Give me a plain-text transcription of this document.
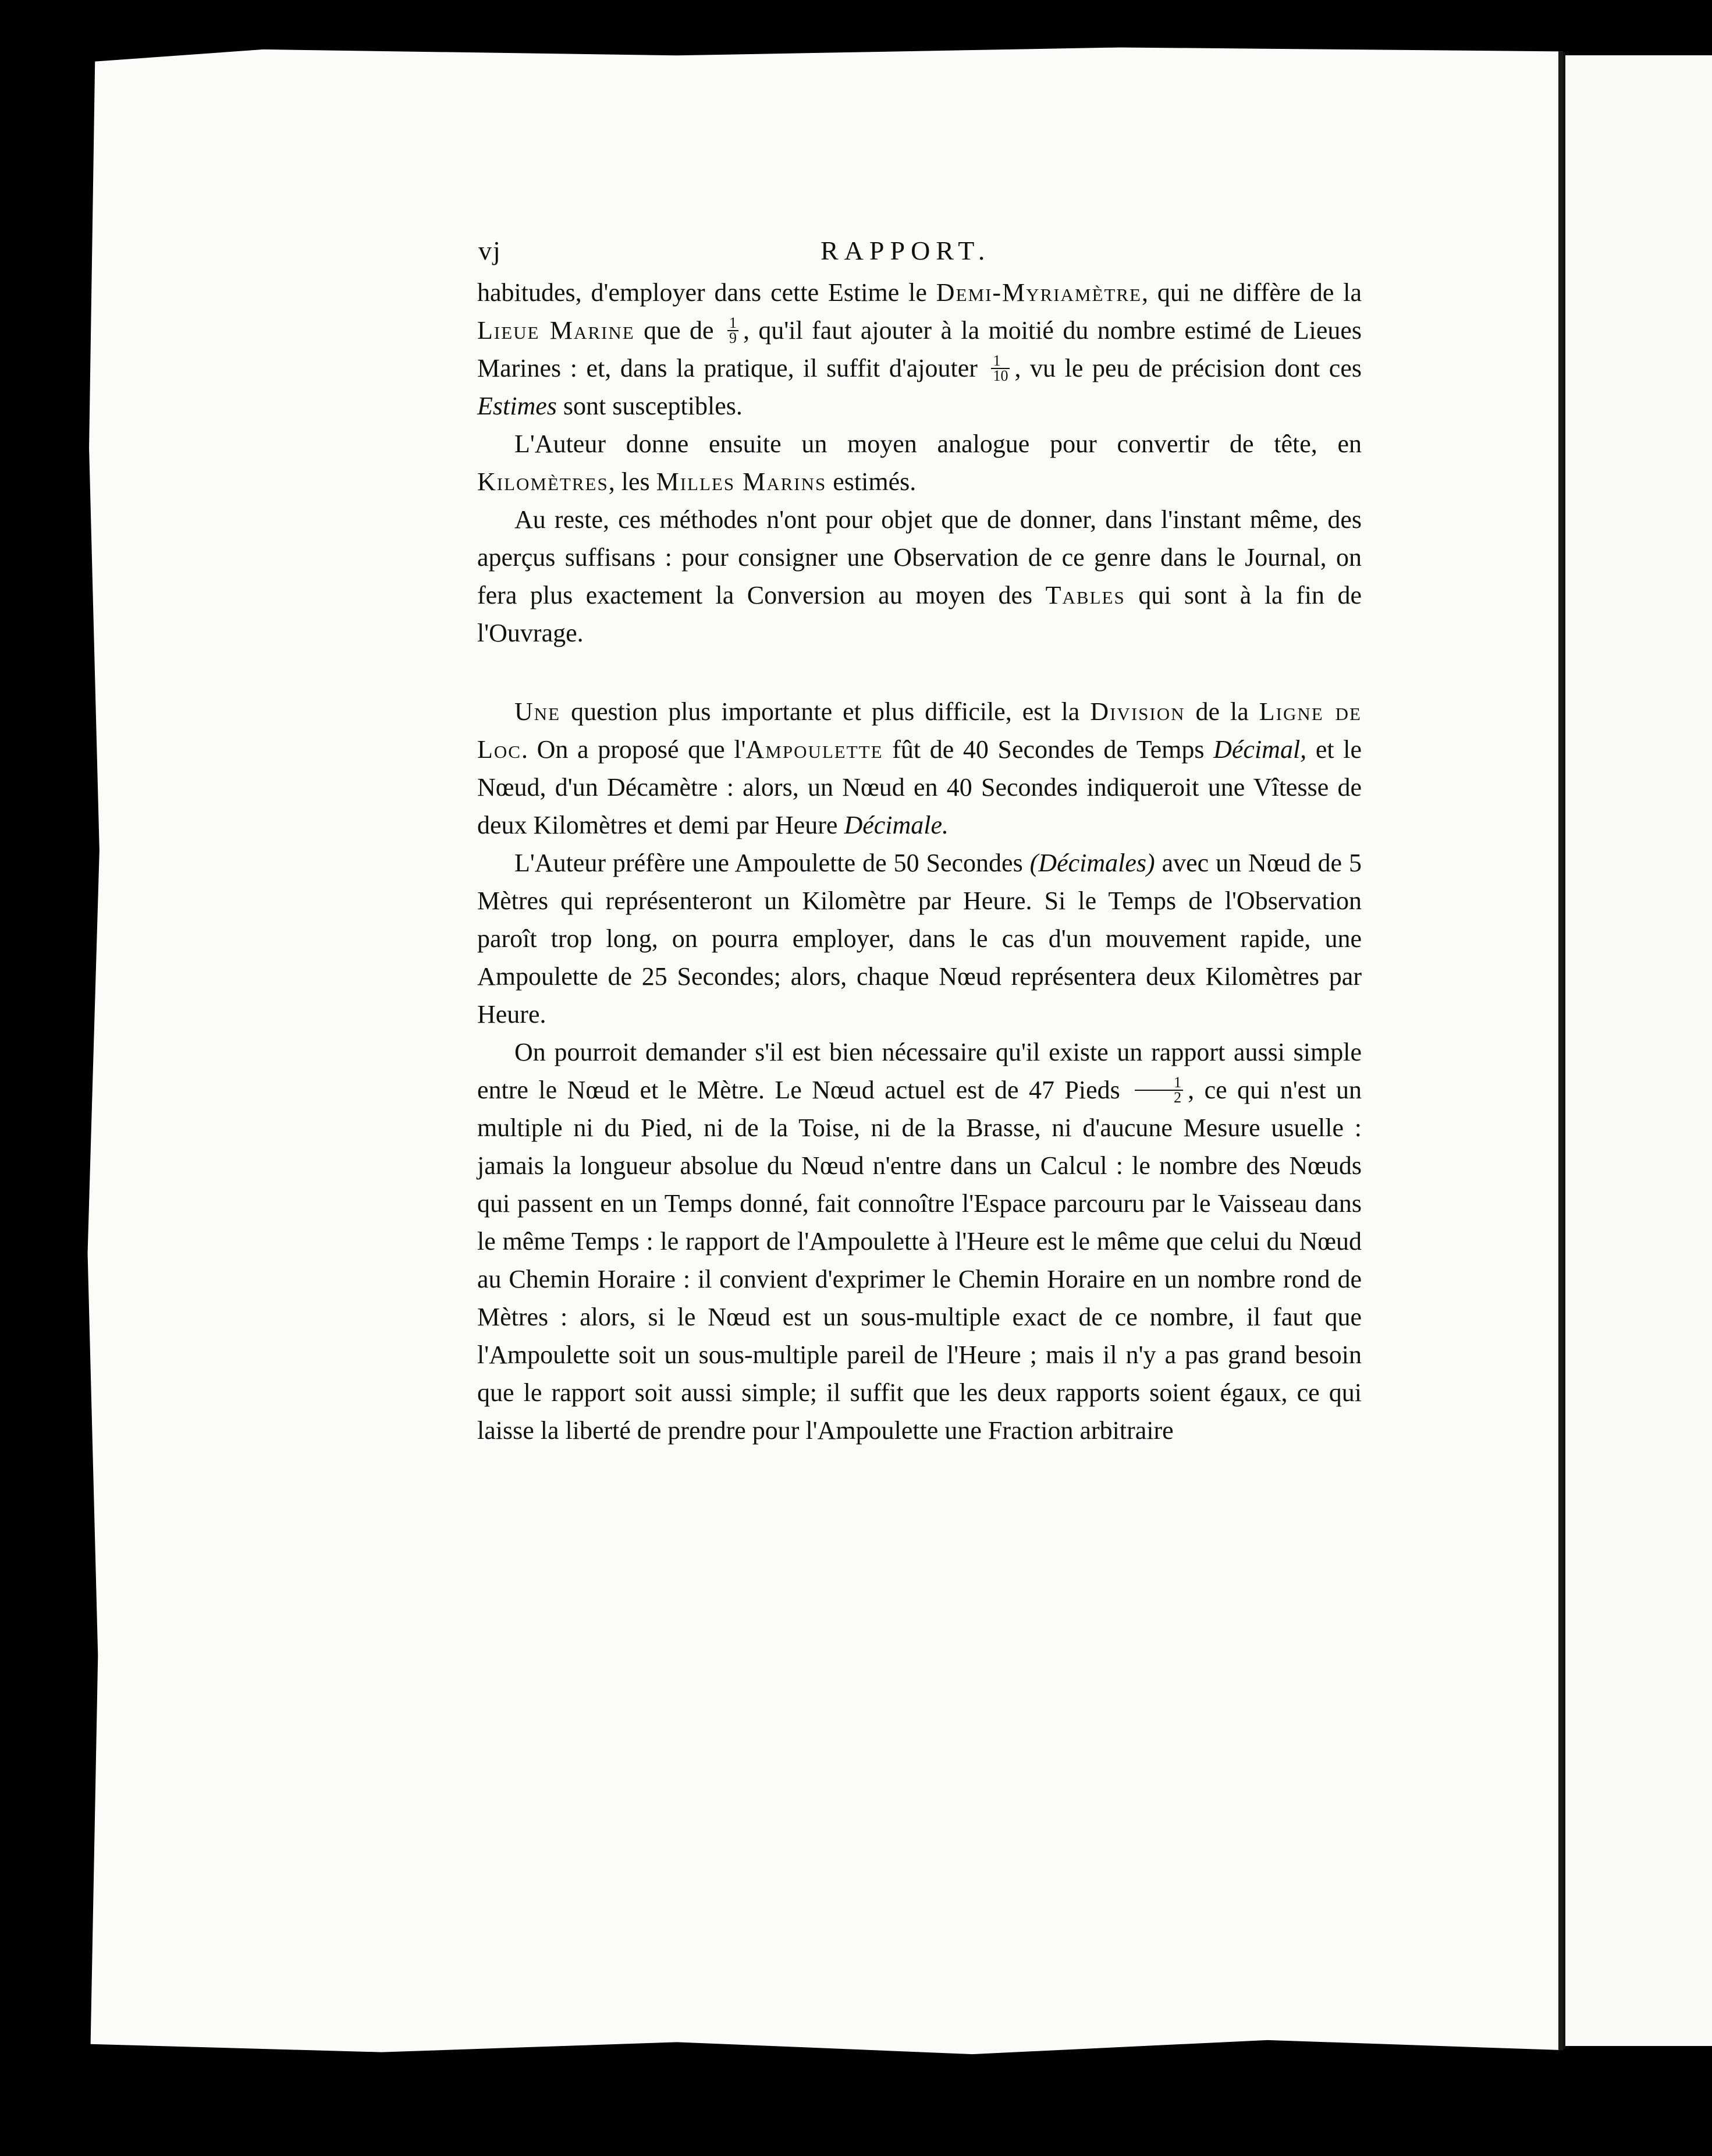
vj	RAPPORT.

habitudes, d'employer dans cette Estime le Demi-Myriamètre, qui ne diffère de la Lieue Marine que de $\frac{1}{9}$ , qu'il faut ajouter à la moitié du nombre estimé de Lieues Marines : et, dans la pratique, il suffit d'ajouter $\frac{1}{10}$ , vu le peu de précision dont ces Estimes sont susceptibles.

L'Auteur donne ensuite un moyen analogue pour convertir de tête, en Kilomètres, les Milles Marins estimés.

Au reste, ces méthodes n'ont pour objet que de donner, dans l'instant même, des aperçus suffisans : pour consigner une Observation de ce genre dans le Journal, on fera plus exactement la Conversion au moyen des Tables qui sont à la fin de l'Ouvrage.

Une question plus importante et plus difficile, est la Division de la Ligne de Loc. On a proposé que l'Ampoulette fût de 40 Secondes de Temps Décimal, et le Nœud, d'un Décamètre : alors, un Nœud en 40 Secondes indiqueroit une Vîtesse de deux Kilomètres et demi par Heure Décimale.

L'Auteur préfère une Ampoulette de 50 Secondes (Décimales) avec un Nœud de 5 Mètres qui représenteront un Kilomètre par Heure. Si le Temps de l'Observation paroît trop long, on pourra employer, dans le cas d'un mouvement rapide, une Ampoulette de 25 Secondes; alors, chaque Nœud représentera deux Kilomètres par Heure.

On pourroit demander s'il est bien nécessaire qu'il existe un rapport aussi simple entre le Nœud et le Mètre. Le Nœud actuel est de 47 Pieds $\frac{1}{2}$ , ce qui n'est un multiple ni du Pied, ni de la Toise, ni de la Brasse, ni d'aucune Mesure usuelle : jamais la longueur absolue du Nœud n'entre dans un Calcul : le nombre des Nœuds qui passent en un Temps donné, fait connoître l'Espace parcouru par le Vaisseau dans le même Temps : le rapport de l'Ampoulette à l'Heure est le même que celui du Nœud au Chemin Horaire : il convient d'exprimer le Chemin Horaire en un nombre rond de Mètres : alors, si le Nœud est un sous-multiple exact de ce nombre, il faut que l'Ampoulette soit un sous-multiple pareil de l'Heure ; mais il n'y a pas grand besoin que le rapport soit aussi simple; il suffit que les deux rapports soient égaux, ce qui laisse la liberté de prendre pour l'Ampoulette une Fraction arbitraire
